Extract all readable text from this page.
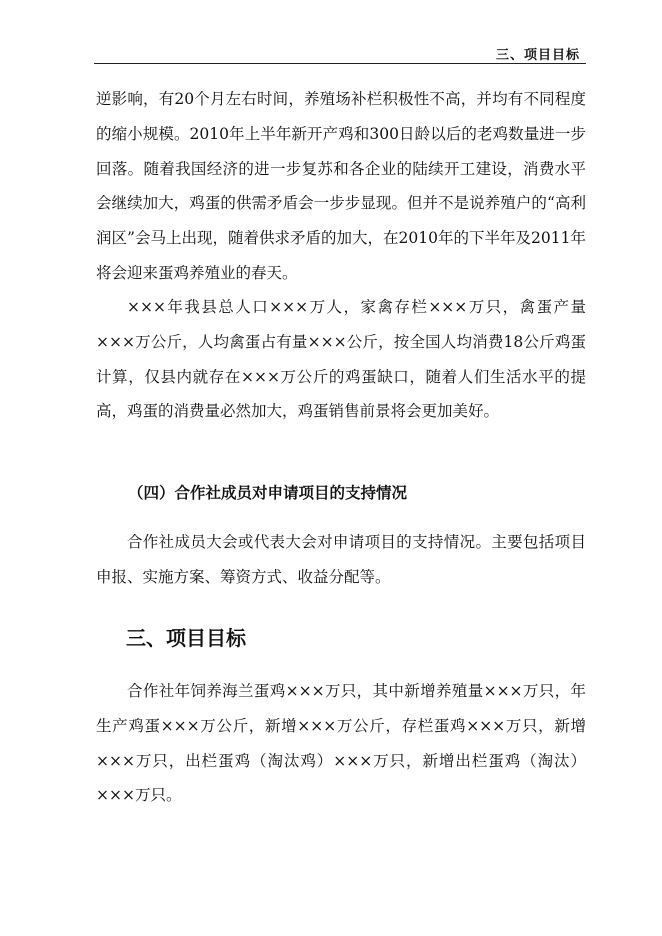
三、项目目标

逆影响，有20个月左右时间，养殖场补栏积极性不高，并均有不同程度的缩小规模。2010年上半年新开产鸡和300日龄以后的老鸡数量进一步回落。随着我国经济的进一步复苏和各企业的陆续开工建设，消费水平会继续加大，鸡蛋的供需矛盾会一步步显现。但并不是说养殖户的“高利润区”会马上出现，随着供求矛盾的加大，在2010年的下半年及2011年将会迎来蛋鸡养殖业的春天。

×××年我县总人口×××万人，家禽存栏×××万只，禽蛋产量×××万公斤，人均禽蛋占有量×××公斤，按全国人均消费18公斤鸡蛋计算，仅县内就存在×××万公斤的鸡蛋缺口，随着人们生活水平的提高，鸡蛋的消费量必然加大，鸡蛋销售前景将会更加美好。

（四）合作社成员对申请项目的支持情况

合作社成员大会或代表大会对申请项目的支持情况。主要包括项目申报、实施方案、筹资方式、收益分配等。

三、项目目标

合作社年饲养海兰蛋鸡×××万只，其中新增养殖量×××万只，年生产鸡蛋×××万公斤，新增×××万公斤，存栏蛋鸡×××万只，新增×××万只，出栏蛋鸡（淘汰鸡）×××万只，新增出栏蛋鸡（淘汰）×××万只。
